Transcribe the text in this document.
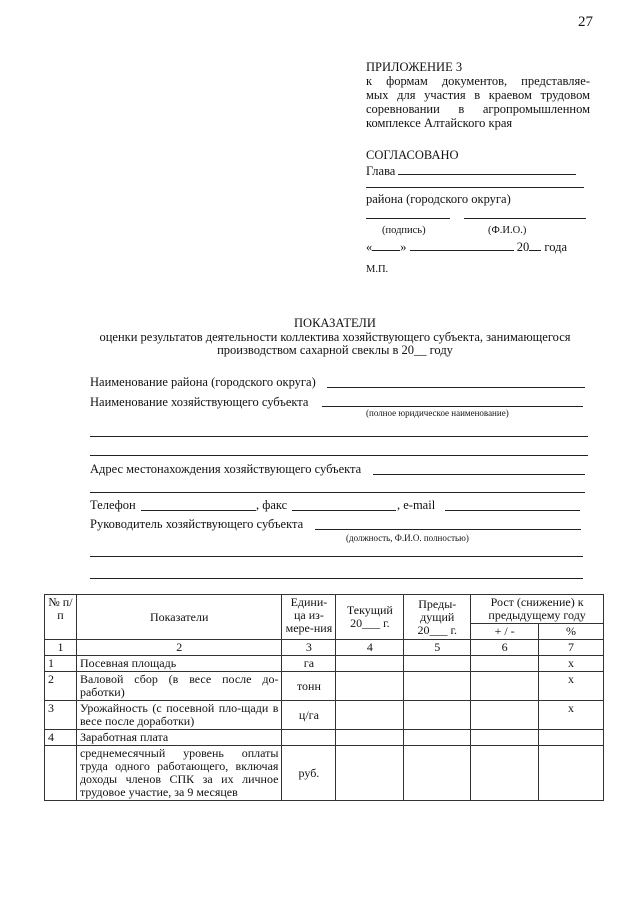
27
ПРИЛОЖЕНИЕ 3
к формам документов, представляе-
мых для участия в краевом трудовом
соревновании в агропромышленном
комплексе Алтайского края
СОГЛАСОВАНО
Глава
района (городского округа)
(подпись)	(Ф.И.О.)
« »	20 года
М.П.
ПОКАЗАТЕЛИ
оценки результатов деятельности коллектива хозяйствующего субъекта, занимающегося
производством сахарной свеклы в 20__ году
Наименование района (городского округа)
Наименование хозяйствующего субъекта
(полное юридическое наименование)
Адрес местонахождения хозяйствующего субъекта
Телефон	, факс	, e-mail
Руководитель хозяйствующего субъекта
(должность, Ф.И.О. полностью)
№ п/п	Показатели	Едини-ца из-мере-ния	Текущий 20___ г.	Преды-дущий 20___ г.	Рост (снижение) к предыдущему году	
					+ / -	%
1	2	3	4	5	6	7
1	Посевная площадь	га				х
2	Валовой сбор (в весе после до-работки)	тонн				х
3	Урожайность (с посевной пло-щади в весе после доработки)	ц/га				х
4	Заработная плата					
	среднемесячный уровень оплаты труда одного работающего, включая доходы членов СПК за их личное трудовое участие, за 9 месяцев	руб.				
